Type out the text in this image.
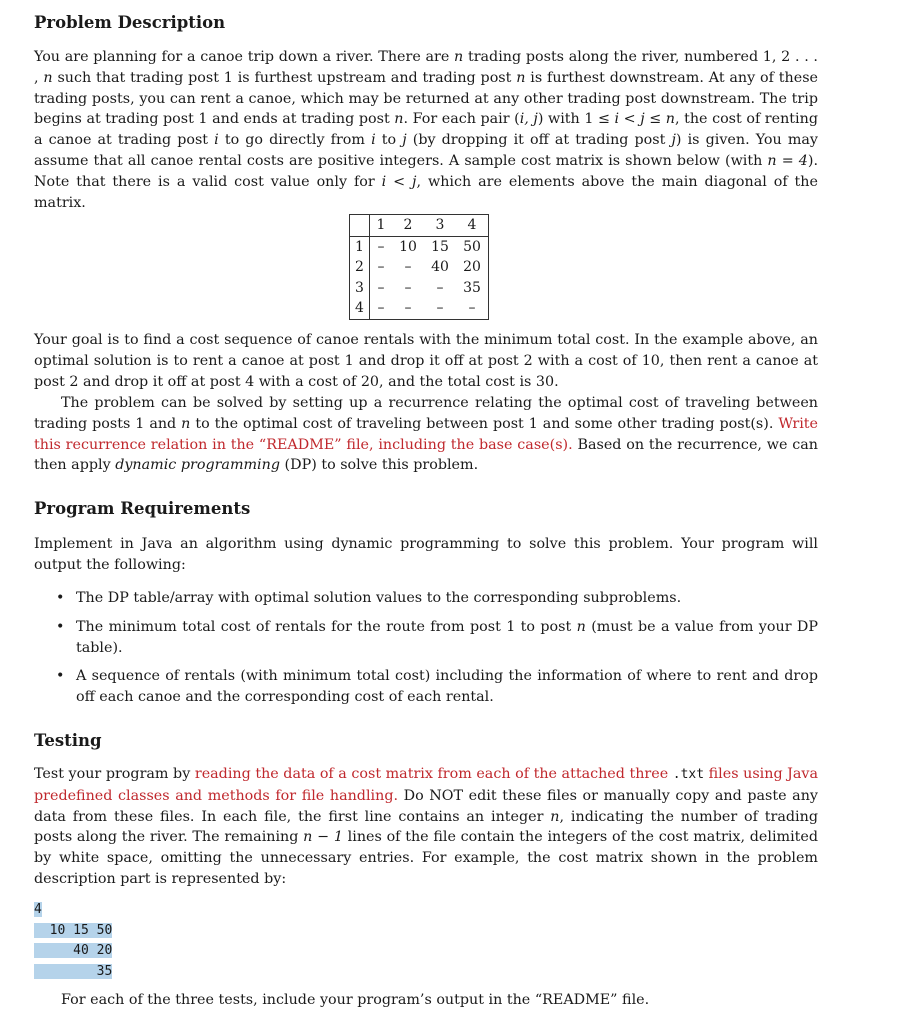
Problem Description

You are planning for a canoe trip down a river. There are n trading posts along the river, numbered 1, 2 . . . , n such that trading post 1 is furthest upstream and trading post n is furthest downstream. At any of these trading posts, you can rent a canoe, which may be returned at any other trading post downstream. The trip begins at trading post 1 and ends at trading post n. For each pair (i, j) with 1 ≤ i < j ≤ n, the cost of renting a canoe at trading post i to go directly from i to j (by dropping it off at trading post j) is given. You may assume that all canoe rental costs are positive integers. A sample cost matrix is shown below (with n = 4). Note that there is a valid cost value only for i < j, which are elements above the main diagonal of the matrix.

	1	2	3	4
1	–	10	15	50
2	–	–	40	20
3	–	–	–	35
4	–	–	–	–

Your goal is to find a cost sequence of canoe rentals with the minimum total cost. In the example above, an optimal solution is to rent a canoe at post 1 and drop it off at post 2 with a cost of 10, then rent a canoe at post 2 and drop it off at post 4 with a cost of 20, and the total cost is 30.

The problem can be solved by setting up a recurrence relating the optimal cost of traveling between trading posts 1 and n to the optimal cost of traveling between post 1 and some other trading post(s). Write this recurrence relation in the “README” file, including the base case(s). Based on the recurrence, we can then apply dynamic programming (DP) to solve this problem.

Program Requirements

Implement in Java an algorithm using dynamic programming to solve this problem. Your program will output the following:

• The DP table/array with optimal solution values to the corresponding subproblems.
• The minimum total cost of rentals for the route from post 1 to post n (must be a value from your DP table).
• A sequence of rentals (with minimum total cost) including the information of where to rent and drop off each canoe and the corresponding cost of each rental.
Testing

Test your program by reading the data of a cost matrix from each of the attached three .txt files using Java predefined classes and methods for file handling. Do NOT edit these files or manually copy and paste any data from these files. In each file, the first line contains an integer n, indicating the number of trading posts along the river. The remaining n − 1 lines of the file contain the integers of the cost matrix, delimited by white space, omitting the unnecessary entries. For example, the cost matrix shown in the problem description part is represented by:

4
10 15 50
40 20
35

For each of the three tests, include your program’s output in the “README” file.
